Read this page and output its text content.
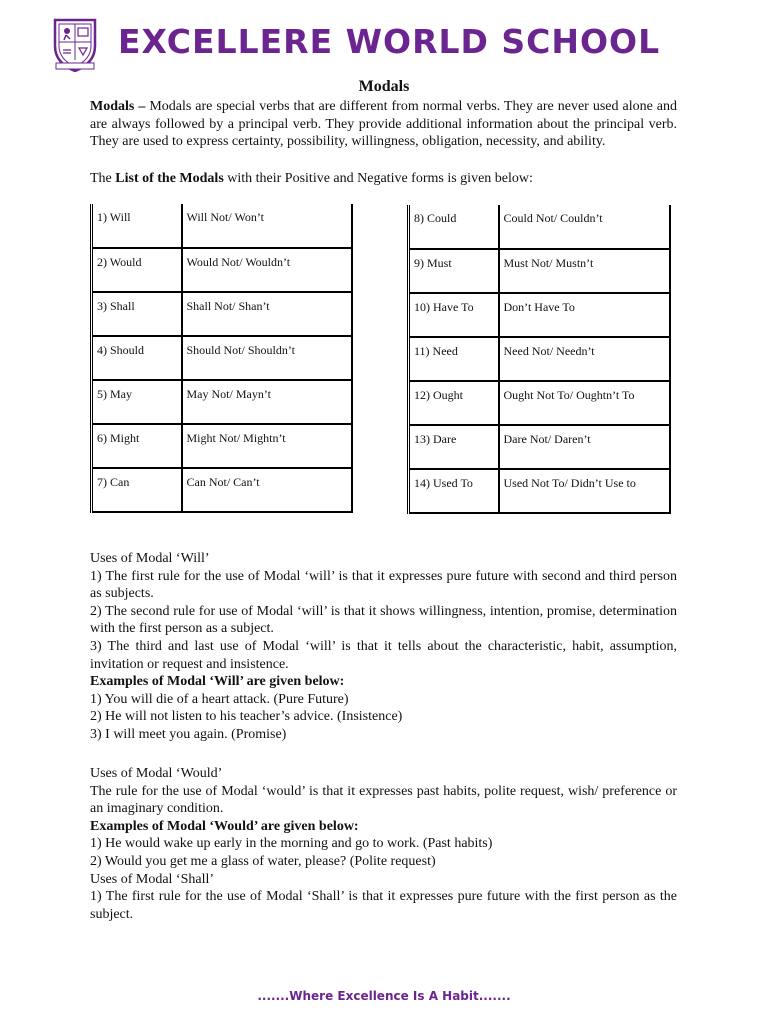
EXCELLERE WORLD SCHOOL
Modals

Modals – Modals are special verbs that are different from normal verbs. They are never used alone and are always followed by a principal verb. They provide additional information about the principal verb. They are used to express certainty, possibility, willingness, obligation, necessity, and ability.

The List of the Modals with their Positive and Negative forms is given below:

1) Will	Will Not/ Won’t
2) Would	Would Not/ Wouldn’t
3) Shall	Shall Not/ Shan’t
4) Should	Should Not/ Shouldn’t
5) May	May Not/ Mayn’t
6) Might	Might Not/ Mightn’t
7) Can	Can Not/ Can’t
8) Could	Could Not/ Couldn’t
9) Must	Must Not/ Mustn’t
10) Have To	Don’t Have To
11) Need	Need Not/ Needn’t
12) Ought	Ought Not To/ Oughtn’t To
13) Dare	Dare Not/ Daren’t
14) Used To	Used Not To/ Didn’t Use to
Uses of Modal ‘Will’
1) The first rule for the use of Modal ‘will’ is that it expresses pure future with second and third person as subjects.
2) The second rule for use of Modal ‘will’ is that it shows willingness, intention, promise, determination with the first person as a subject.
3) The third and last use of Modal ‘will’ is that it tells about the characteristic, habit, assumption, invitation or request and insistence.
Examples of Modal ‘Will’ are given below:
1) You will die of a heart attack. (Pure Future)
2) He will not listen to his teacher’s advice. (Insistence)
3) I will meet you again. (Promise)
Uses of Modal ‘Would’
The rule for the use of Modal ‘would’ is that it expresses past habits, polite request, wish/ preference or an imaginary condition.
Examples of Modal ‘Would’ are given below:
1) He would wake up early in the morning and go to work. (Past habits)
2) Would you get me a glass of water, please? (Polite request)
Uses of Modal ‘Shall’
1) The first rule for the use of Modal ‘Shall’ is that it expresses pure future with the first person as the subject.
.......Where Excellence Is A Habit.......
